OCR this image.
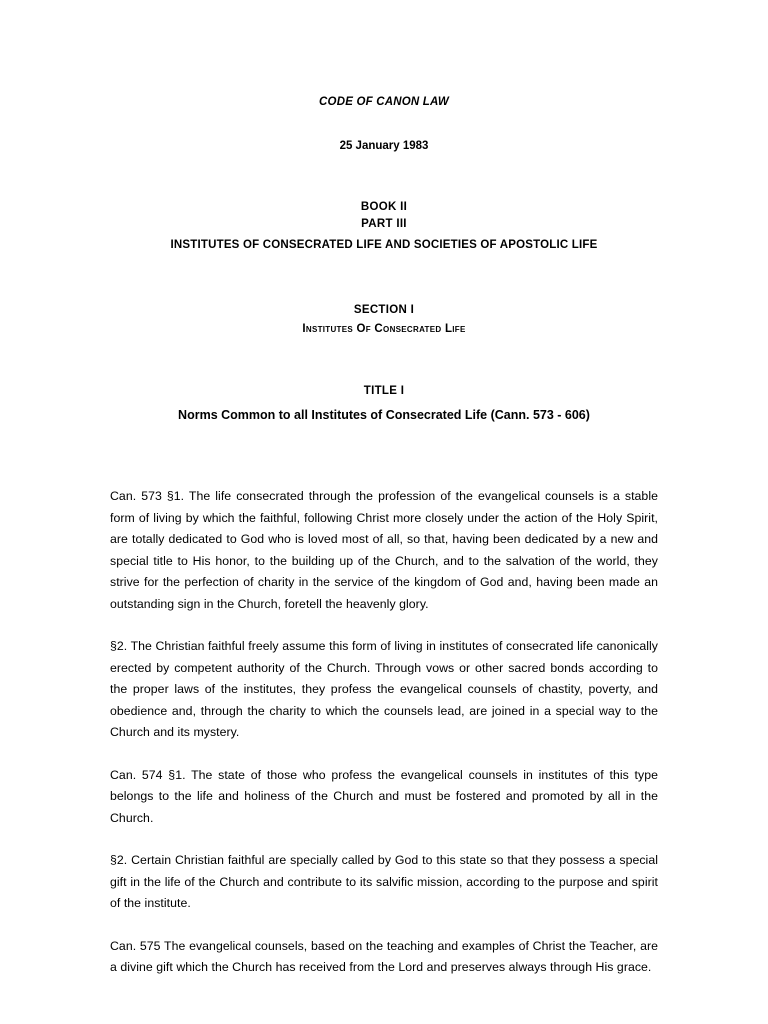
CODE OF CANON LAW
25 January 1983
BOOK II
PART III
INSTITUTES OF CONSECRATED LIFE AND SOCIETIES OF APOSTOLIC LIFE
SECTION I
Institutes Of Consecrated Life
TITLE I
Norms Common to all Institutes of Consecrated Life (Cann. 573 - 606)

Can. 573 §1. The life consecrated through the profession of the evangelical counsels is a stable form of living by which the faithful, following Christ more closely under the action of the Holy Spirit, are totally dedicated to God who is loved most of all, so that, having been dedicated by a new and special title to His honor, to the building up of the Church, and to the salvation of the world, they strive for the perfection of charity in the service of the kingdom of God and, having been made an outstanding sign in the Church, foretell the heavenly glory.

§2. The Christian faithful freely assume this form of living in institutes of consecrated life canonically erected by competent authority of the Church. Through vows or other sacred bonds according to the proper laws of the institutes, they profess the evangelical counsels of chastity, poverty, and obedience and, through the charity to which the counsels lead, are joined in a special way to the Church and its mystery.

Can. 574 §1. The state of those who profess the evangelical counsels in institutes of this type belongs to the life and holiness of the Church and must be fostered and promoted by all in the Church.

§2. Certain Christian faithful are specially called by God to this state so that they possess a special gift in the life of the Church and contribute to its salvific mission, according to the purpose and spirit of the institute.

Can. 575 The evangelical counsels, based on the teaching and examples of Christ the Teacher, are a divine gift which the Church has received from the Lord and preserves always through His grace.
